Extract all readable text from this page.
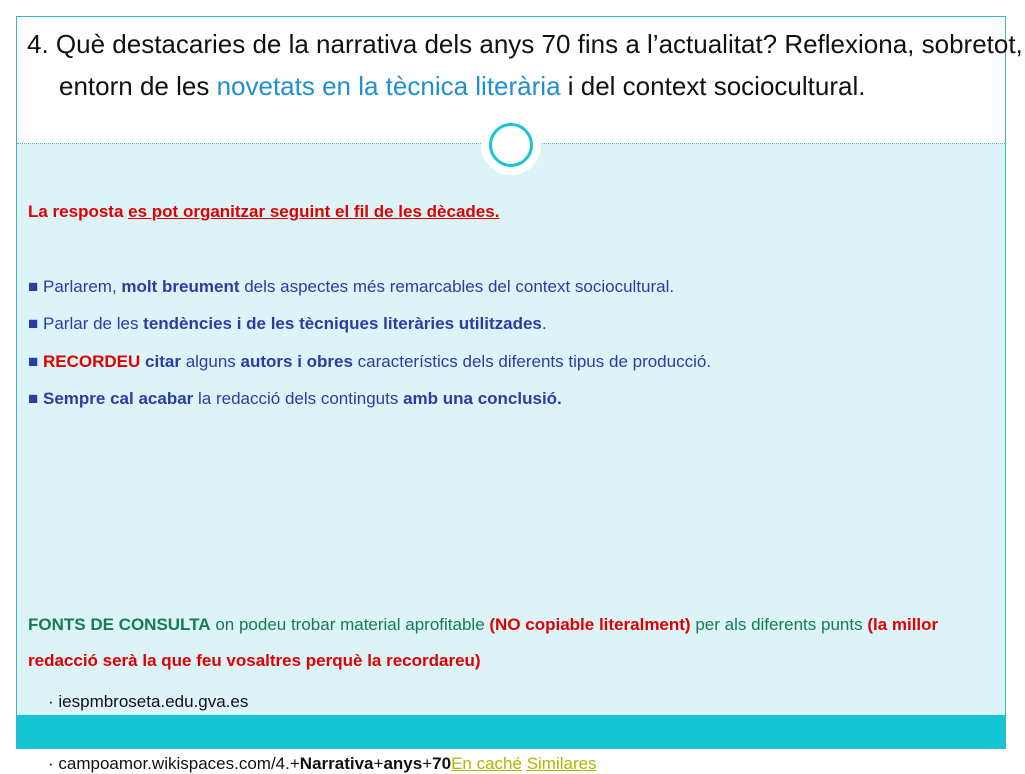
4. Què destacaries de la narrativa dels anys 70 fins a l’actualitat? Reflexiona, sobretot, entorn de les novetats en la tècnica literària i del context sociocultural.

La resposta es pot organitzar seguint el fil de les dècades.

■ Parlarem, molt breument dels aspectes més remarcables del context sociocultural.

■ Parlar de les tendències i de les tècniques literàries utilitzades.

■ RECORDEU citar alguns autors i obres característics dels diferents tipus de producció.

■ Sempre cal acabar la redacció dels continguts amb una conclusió.

FONTS DE CONSULTA on podeu trobar material aprofitable (NO copiable literalment) per als diferents punts (la millor redacció serà la que feu vosaltres perquè la recordareu)

· iespmbroseta.edu.gva.es

· campoamor.wikispaces.com/4.+Narrativa+anys+70En caché Similares
